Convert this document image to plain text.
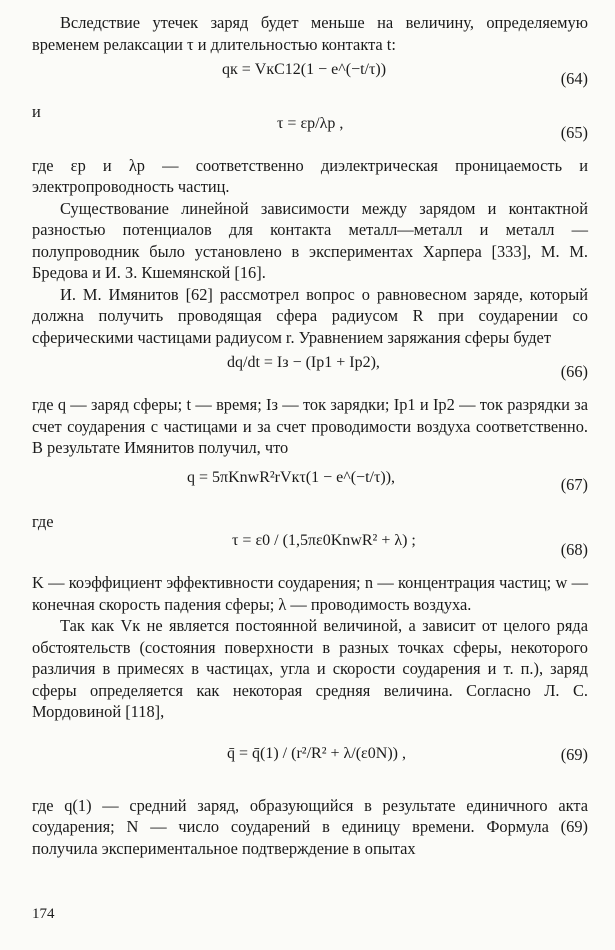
Вследствие утечек заряд будет меньше на величину, определяемую временем релаксации τ и длительностью контакта t:

qк = VкC12(1 − e^(−t/τ))	(64)

и

τ = εp/λp ,	(65)

где εp и λp — соответственно диэлектрическая проницаемость и электропроводность частиц.

Существование линейной зависимости между зарядом и контактной разностью потенциалов для контакта металл—металл и металл — полупроводник было установлено в экспериментах Харпера [333], М. М. Бредова и И. З. Кшемянской [16].

И. М. Имянитов [62] рассмотрел вопрос о равновесном заряде, который должна получить проводящая сфера радиусом R при соударении со сферическими частицами радиусом r. Уравнением заряжания сферы будет

dq/dt = Iз − (Ip1 + Ip2),	(66)

где q — заряд сферы; t — время; Iз — ток зарядки; Ip1 и Ip2 — ток разрядки за счет соударения с частицами и за счет проводимости воздуха соответственно. В результате Имянитов получил, что

q = 5πKnwR²rVкτ(1 − e^(−t/τ)),	(67)

где

τ = ε0 / (1,5πε0KnwR² + λ) ;	(68)

K — коэффициент эффективности соударения; n — концентрация частиц; w — конечная скорость падения сферы; λ — проводимость воздуха.

Так как Vк не является постоянной величиной, а зависит от целого ряда обстоятельств (состояния поверхности в разных точках сферы, некоторого различия в примесях в частицах, угла и скорости соударения и т. п.), заряд сферы определяется как некоторая средняя величина. Согласно Л. С. Мордовиной [118],

q̄ = q̄(1) / (r²/R² + λ/(ε0N)) ,	(69)

где q(1) — средний заряд, образующийся в результате единичного акта соударения; N — число соударений в единицу времени. Формула (69) получила экспериментальное подтверждение в опытах

174
